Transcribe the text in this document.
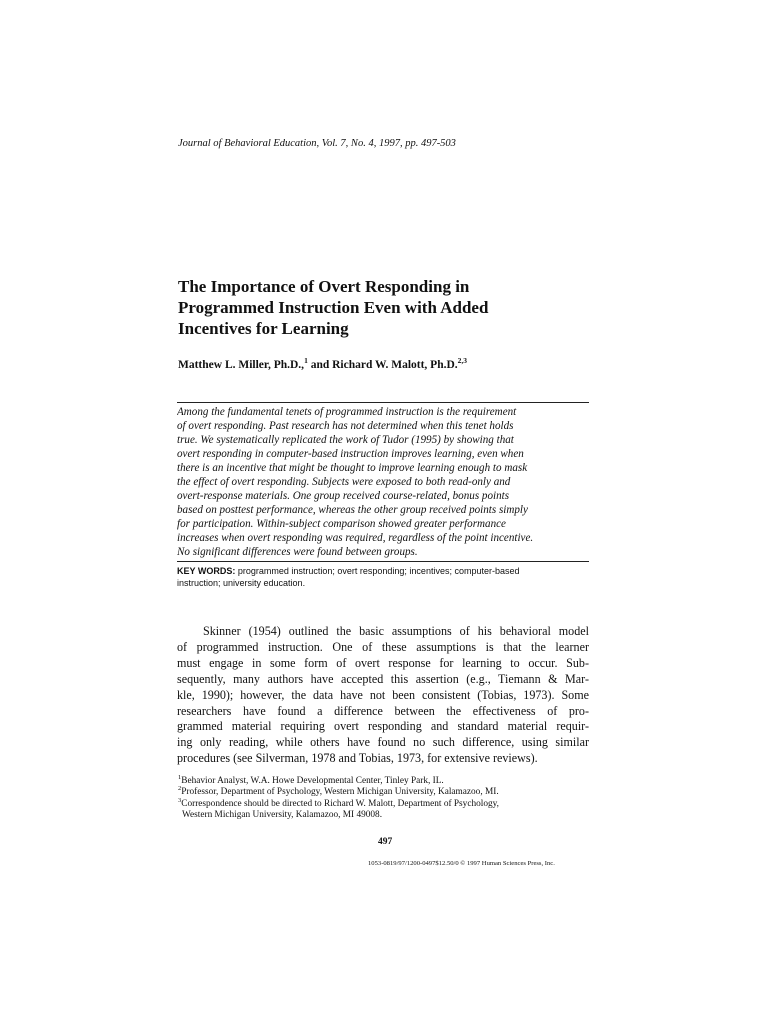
Journal of Behavioral Education, Vol. 7, No. 4, 1997, pp. 497-503
The Importance of Overt Responding in
Programmed Instruction Even with Added
Incentives for Learning
Matthew L. Miller, Ph.D.,$^1$ and Richard W. Malott, Ph.D.$^{2,3}$
Among the fundamental tenets of programmed instruction is the requirement
of overt responding. Past research has not determined when this tenet holds
true. We systematically replicated the work of Tudor (1995) by showing that
overt responding in computer-based instruction improves learning, even when
there is an incentive that might be thought to improve learning enough to mask
the effect of overt responding. Subjects were exposed to both read-only and
overt-response materials. One group received course-related, bonus points
based on posttest performance, whereas the other group received points simply
for participation. Within-subject comparison showed greater performance
increases when overt responding was required, regardless of the point incentive.
No significant differences were found between groups.
KEY WORDS: programmed instruction; overt responding; incentives; computer-based
instruction; university education.
Skinner (1954) outlined the basic assumptions of his behavioral model
of programmed instruction. One of these assumptions is that the learner
must engage in some form of overt response for learning to occur. Sub-
sequently, many authors have accepted this assertion (e.g., Tiemann & Mar-
kle, 1990); however, the data have not been consistent (Tobias, 1973). Some
researchers have found a difference between the effectiveness of pro-
grammed material requiring overt responding and standard material requir-
ing only reading, while others have found no such difference, using similar
procedures (see Silverman, 1978 and Tobias, 1973, for extensive reviews).
$^1$Behavior Analyst, W.A. Howe Developmental Center, Tinley Park, IL.
$^2$Professor, Department of Psychology, Western Michigan University, Kalamazoo, MI.
$^3$Correspondence should be directed to Richard W. Malott, Department of Psychology,
Western Michigan University, Kalamazoo, MI 49008.
497
1053-0819/97/1200-0497$12.50/0 © 1997 Human Sciences Press, Inc.
